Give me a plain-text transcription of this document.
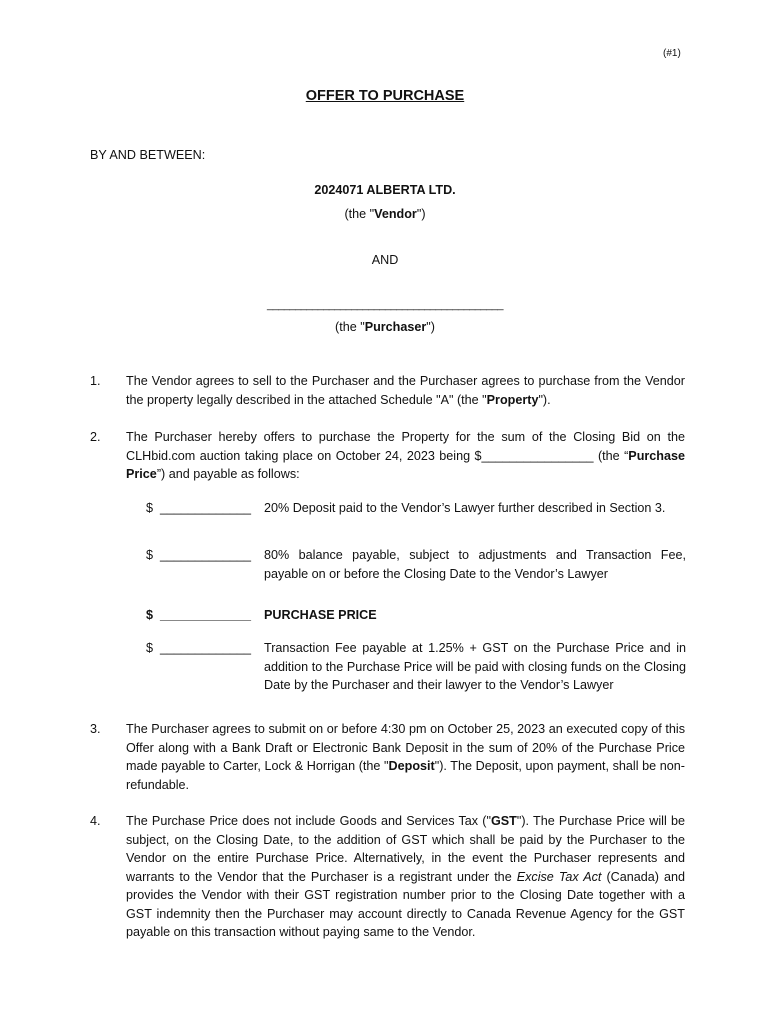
(#1)
OFFER TO PURCHASE
BY AND BETWEEN:
2024071 ALBERTA LTD.
(the "Vendor")
AND
__________________________________________
(the "Purchaser")
1.	The Vendor agrees to sell to the Purchaser and the Purchaser agrees to purchase from the Vendor the property legally described in the attached Schedule "A" (the "Property").
2.	The Purchaser hereby offers to purchase the Property for the sum of the Closing Bid on the CLHbid.com auction taking place on October 24, 2023 being $________________ (the “Purchase Price”) and payable as follows:
$ _____________ 20% Deposit paid to the Vendor’s Lawyer further described in Section 3.
$ _____________ 80% balance payable, subject to adjustments and Transaction Fee, payable on or before the Closing Date to the Vendor’s Lawyer
$ _____________ PURCHASE PRICE
$ _____________ Transaction Fee payable at 1.25% + GST on the Purchase Price and in addition to the Purchase Price will be paid with closing funds on the Closing Date by the Purchaser and their lawyer to the Vendor’s Lawyer
3.	The Purchaser agrees to submit on or before 4:30 pm on October 25, 2023 an executed copy of this Offer along with a Bank Draft or Electronic Bank Deposit in the sum of 20% of the Purchase Price made payable to Carter, Lock & Horrigan (the "Deposit"). The Deposit, upon payment, shall be non-refundable.
4.	The Purchase Price does not include Goods and Services Tax ("GST"). The Purchase Price will be subject, on the Closing Date, to the addition of GST which shall be paid by the Purchaser to the Vendor on the entire Purchase Price. Alternatively, in the event the Purchaser represents and warrants to the Vendor that the Purchaser is a registrant under the Excise Tax Act (Canada) and provides the Vendor with their GST registration number prior to the Closing Date together with a GST indemnity then the Purchaser may account directly to Canada Revenue Agency for the GST payable on this transaction without paying same to the Vendor.
